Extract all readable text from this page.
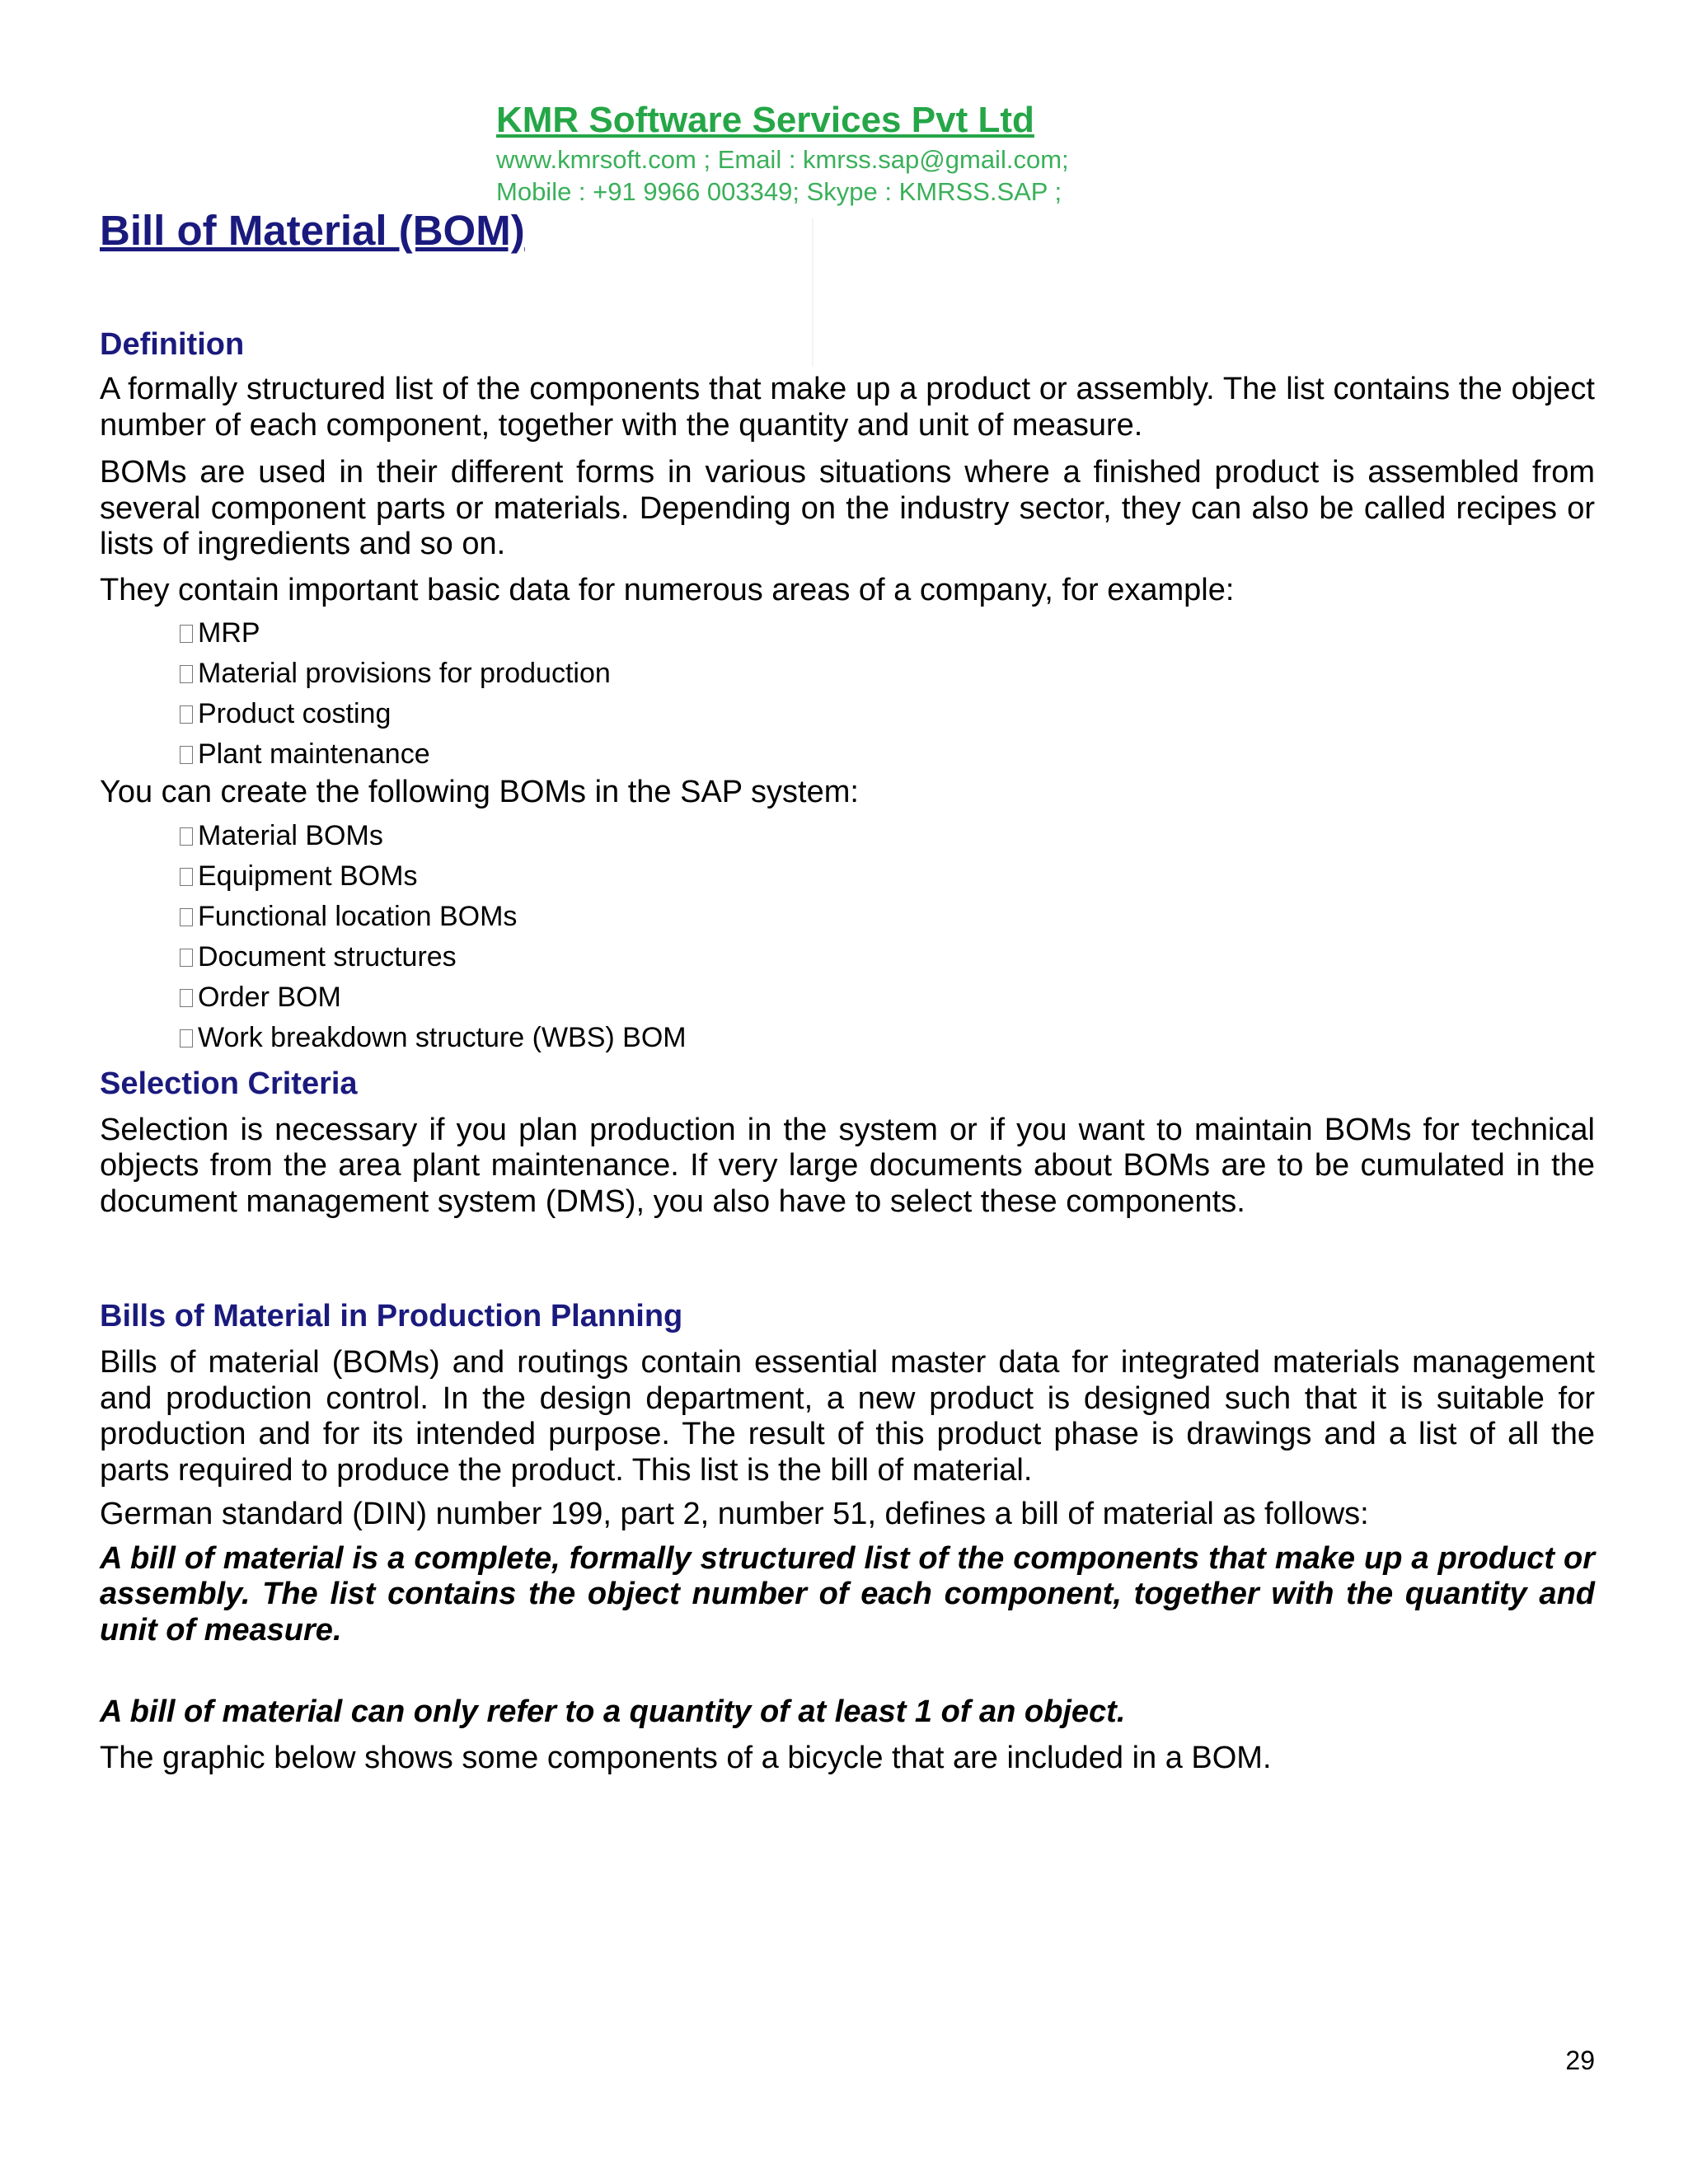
KMR Software Services Pvt Ltd
www.kmrsoft.com ; Email : kmrss.sap@gmail.com;
Mobile : +91 9966 003349; Skype : KMRSS.SAP ;
Bill of Material (BOM)
Definition

A formally structured list of the components that make up a product or assembly. The list contains the object number of each component, together with the quantity and unit of measure.

BOMs are used in their different forms in various situations where a finished product is assembled from several component parts or materials. Depending on the industry sector, they can also be called recipes or lists of ingredients and so on.

They contain important basic data for numerous areas of a company, for example:

MRP
Material provisions for production
Product costing
Plant maintenance

You can create the following BOMs in the SAP system:

Material BOMs
Equipment BOMs
Functional location BOMs
Document structures
Order BOM
Work breakdown structure (WBS) BOM
Selection Criteria

Selection is necessary if you plan production in the system or if you want to maintain BOMs for technical objects from the area plant maintenance. If very large documents about BOMs are to be cumulated in the document management system (DMS), you also have to select these components.

Bills of Material in Production Planning

Bills of material (BOMs) and routings contain essential master data for integrated materials management and production control. In the design department, a new product is designed such that it is suitable for production and for its intended purpose. The result of this product phase is drawings and a list of all the parts required to produce the product. This list is the bill of material.

German standard (DIN) number 199, part 2, number 51, defines a bill of material as follows:

A bill of material is a complete, formally structured list of the components that make up a product or assembly. The list contains the object number of each component, together with the quantity and unit of measure.

A bill of material can only refer to a quantity of at least 1 of an object.

The graphic below shows some components of a bicycle that are included in a BOM.

29
